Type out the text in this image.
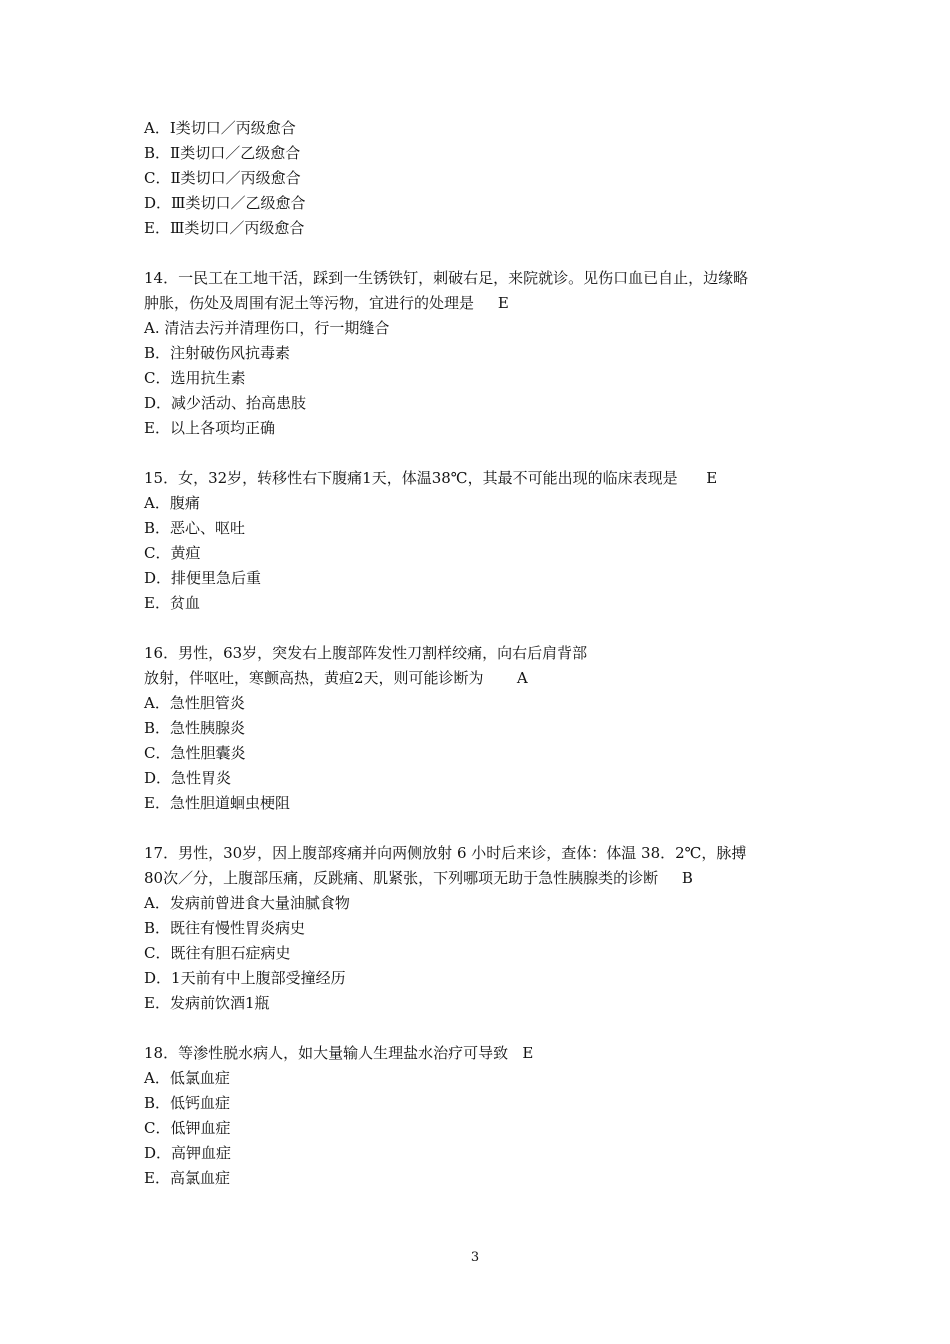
A．Ⅰ类切口／丙级愈合
B．Ⅱ类切口／乙级愈合
C．Ⅱ类切口／丙级愈合
D．Ⅲ类切口／乙级愈合
E．Ⅲ类切口／丙级愈合
14．一民工在工地干活，踩到一生锈铁钉，刺破右足，来院就诊。见伤口血已自止，边缘略
肿胀，伤处及周围有泥土等污物，宜进行的处理是     E
A. 清洁去污并清理伤口，行一期缝合
B．注射破伤风抗毒素
C．选用抗生素
D．减少活动、抬高患肢
E．以上各项均正确
15．女，32岁，转移性右下腹痛1天，体温38℃，其最不可能出现的临床表现是      E
A．腹痛
B．恶心、呕吐
C．黄疸
D．排便里急后重
E．贫血
16．男性，63岁，突发右上腹部阵发性刀割样绞痛，向右后肩背部
放射，伴呕吐，寒颤高热，黄疸2天，则可能诊断为       A
A．急性胆管炎
B．急性胰腺炎
C．急性胆囊炎
D．急性胃炎
E．急性胆道蛔虫梗阻
17．男性，30岁，因上腹部疼痛并向两侧放射 6 小时后来诊，查体：体温 38．2℃，脉搏
80次／分，上腹部压痛，反跳痛、肌紧张，下列哪项无助于急性胰腺类的诊断     B
A．发病前曾进食大量油腻食物
B．既往有慢性胃炎病史
C．既往有胆石症病史
D．1天前有中上腹部受撞经历
E．发病前饮酒1瓶
18．等渗性脱水病人，如大量输人生理盐水治疗可导致   E
A．低氯血症
B．低钙血症
C．低钾血症
D．高钾血症
E．高氯血症
3
